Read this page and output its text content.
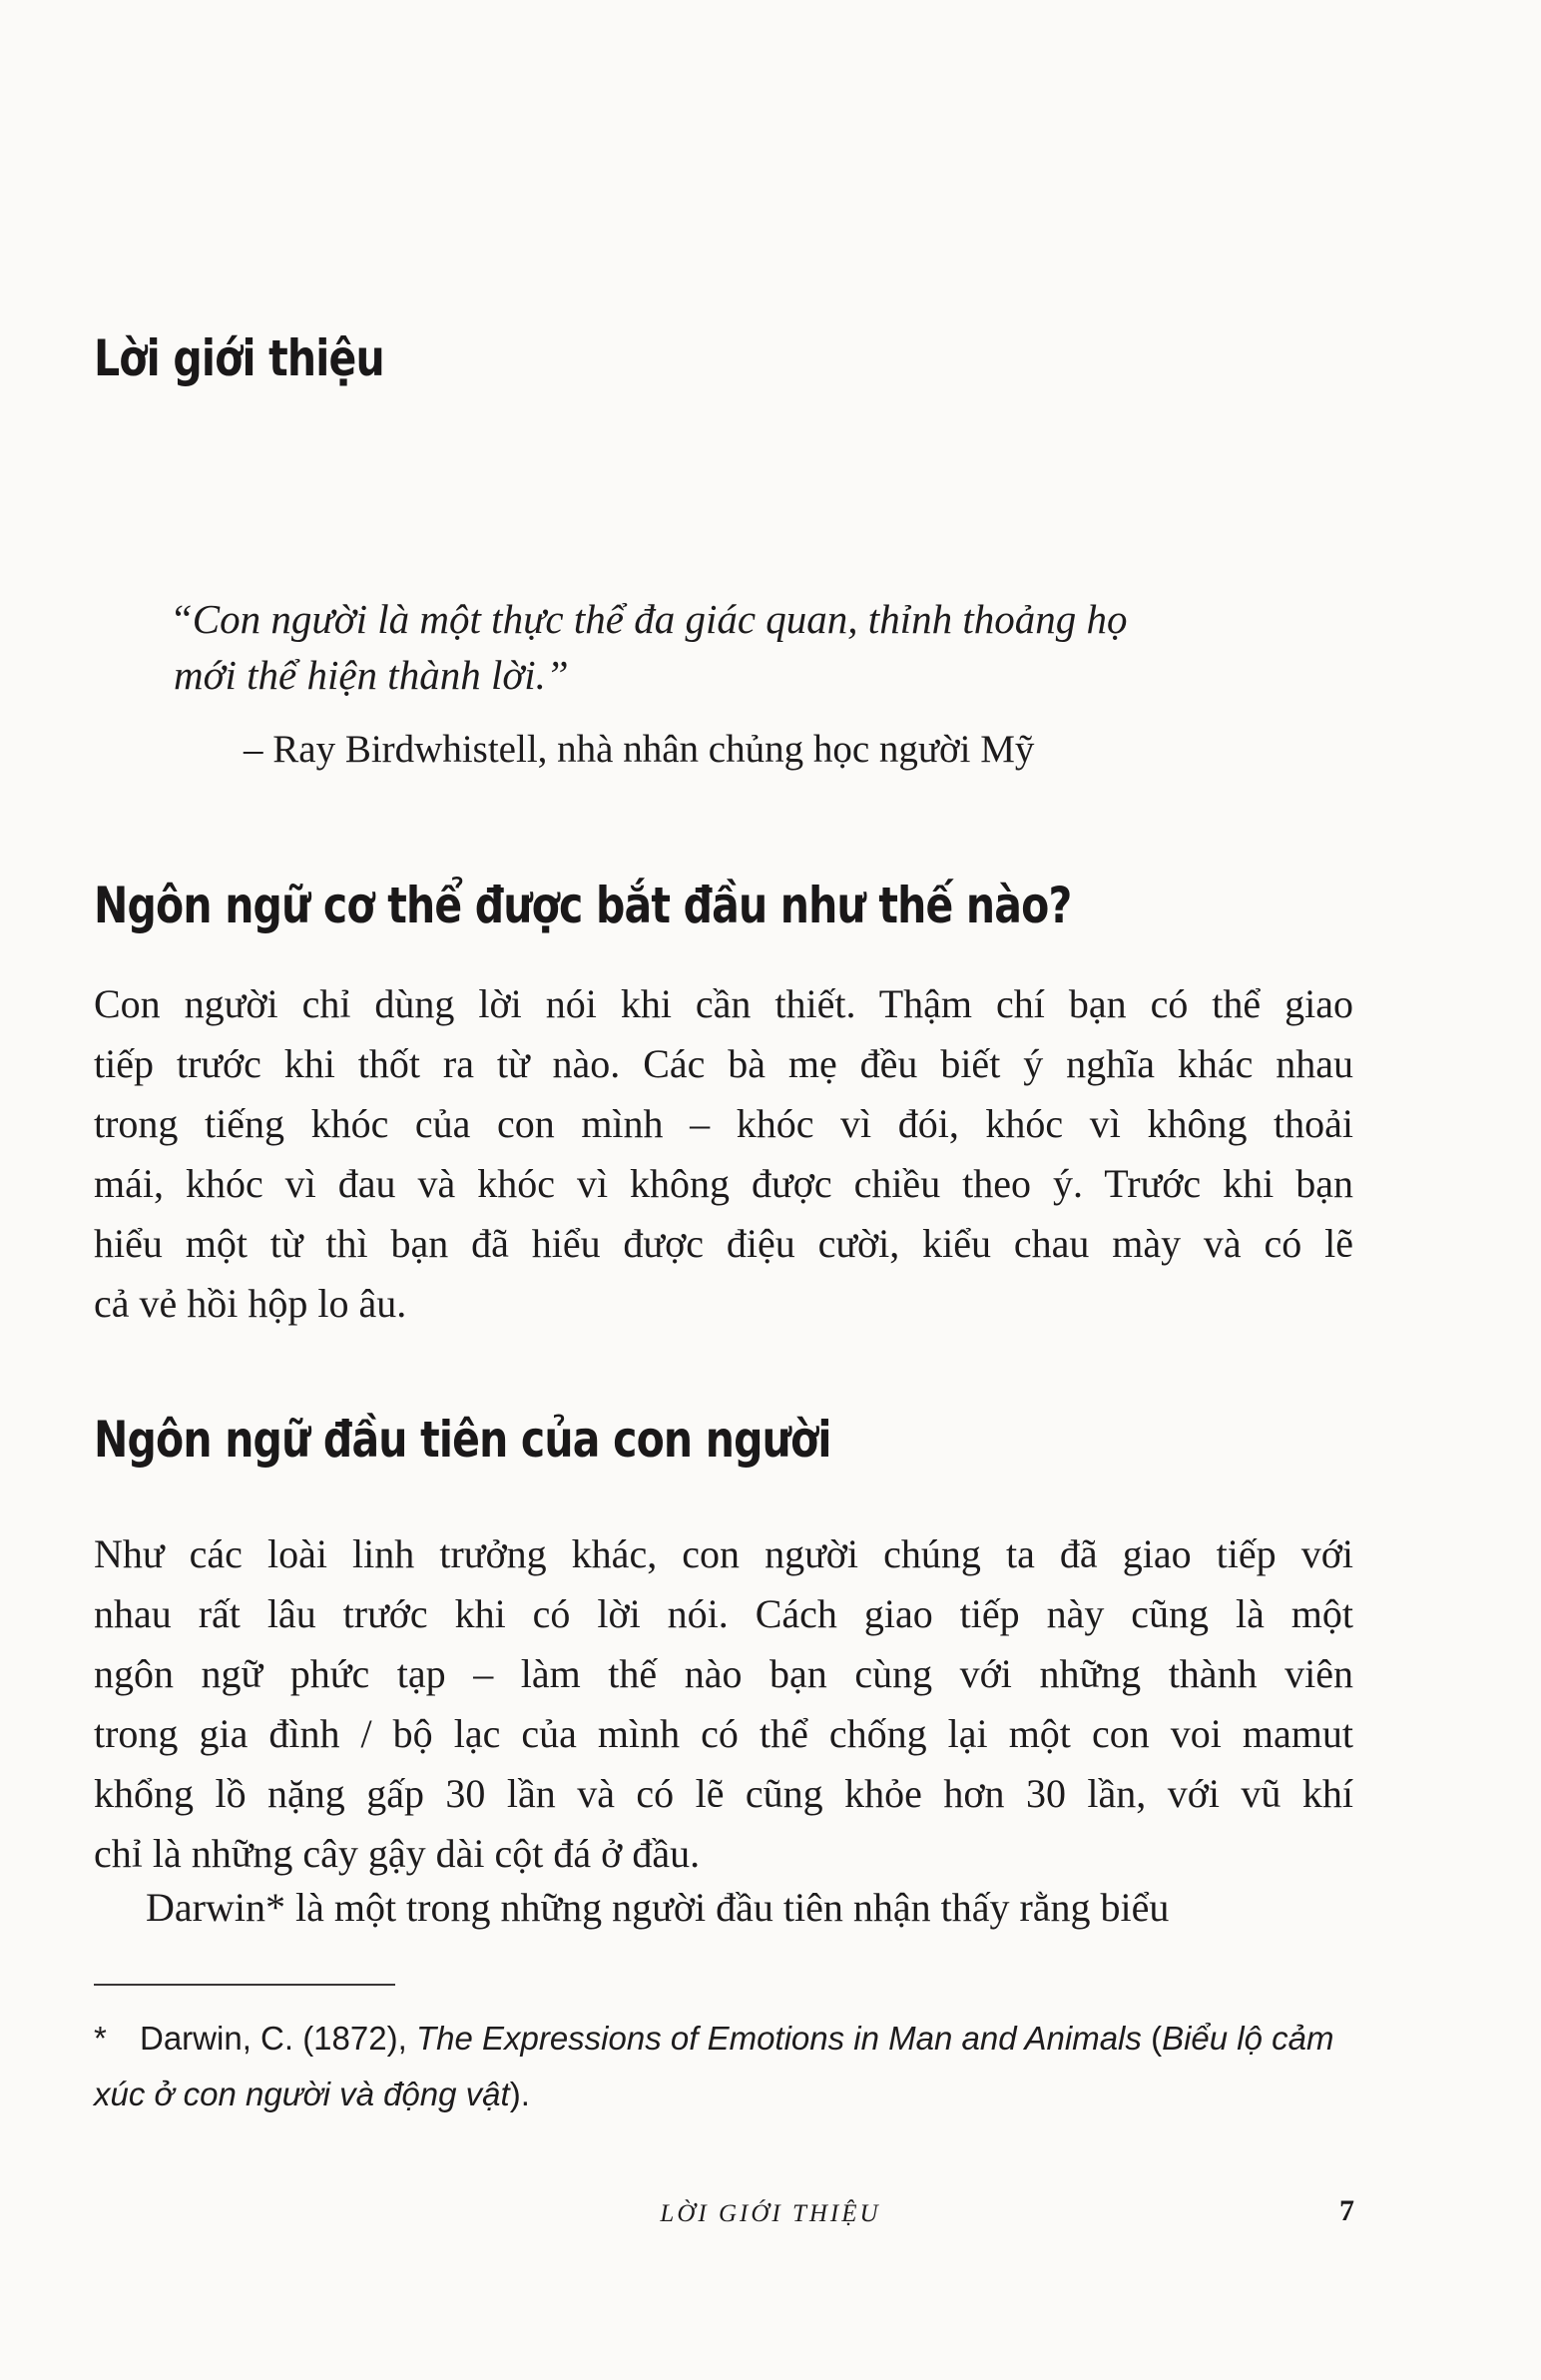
Lời giới thiệu

“Con người là một thực thể đa giác quan, thỉnh thoảng họ
mới thể hiện thành lời.”

– Ray Birdwhistell, nhà nhân chủng học người Mỹ

Ngôn ngữ cơ thể được bắt đầu như thế nào?

Con người chỉ dùng lời nói khi cần thiết. Thậm chí bạn có thể giao
tiếp trước khi thốt ra từ nào. Các bà mẹ đều biết ý nghĩa khác nhau
trong tiếng khóc của con mình – khóc vì đói, khóc vì không thoải
mái, khóc vì đau và khóc vì không được chiều theo ý. Trước khi bạn
hiểu một từ thì bạn đã hiểu được điệu cười, kiểu chau mày và có lẽ
cả vẻ hồi hộp lo âu.

Ngôn ngữ đầu tiên của con người

Như các loài linh trưởng khác, con người chúng ta đã giao tiếp với
nhau rất lâu trước khi có lời nói. Cách giao tiếp này cũng là một
ngôn ngữ phức tạp – làm thế nào bạn cùng với những thành viên
trong gia đình / bộ lạc của mình có thể chống lại một con voi mamut
khổng lồ nặng gấp 30 lần và có lẽ cũng khỏe hơn 30 lần, với vũ khí
chỉ là những cây gậy dài cột đá ở đầu.

Darwin* là một trong những người đầu tiên nhận thấy rằng biểu

* Darwin, C. (1872), The Expressions of Emotions in Man and Animals (Biểu lộ cảm xúc ở con người và động vật).

LỜI GIỚI THIỆU	7
